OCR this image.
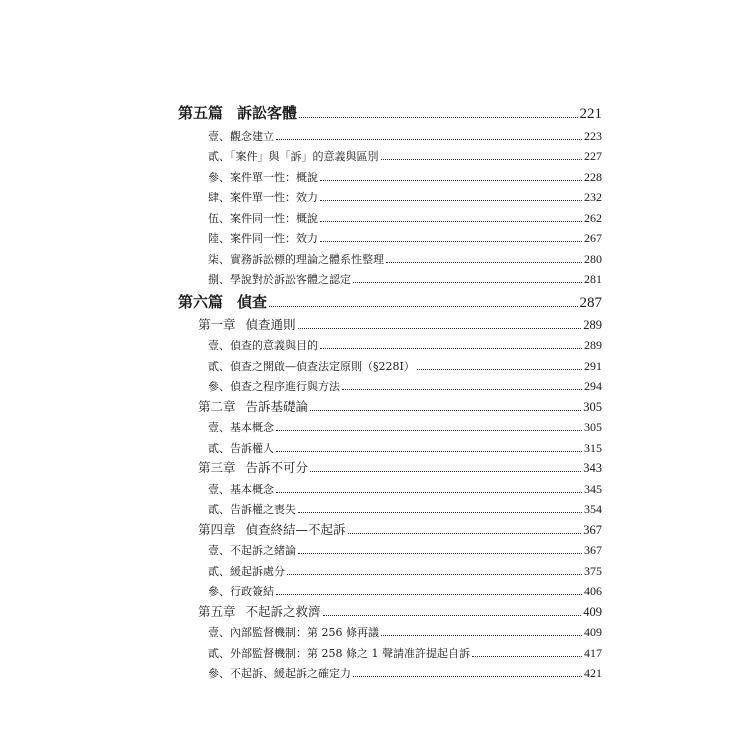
第五篇 訴訟客體	221
壹、觀念建立	223
貳、「案件」與「訴」的意義與區別	227
參、案件單一性：概說	228
肆、案件單一性：效力	232
伍、案件同一性：概說	262
陸、案件同一性：效力	267
柒、實務訴訟標的理論之體系性整理	280
捌、學說對於訴訟客體之認定	281
第六篇 偵查	287
第一章 偵查通則	289
壹、偵查的意義與目的	289
貳、偵查之開啟—偵查法定原則（§228Ⅰ）	291
參、偵查之程序進行與方法	294
第二章 告訴基礎論	305
壹、基本概念	305
貳、告訴權人	315
第三章 告訴不可分	343
壹、基本概念	345
貳、告訴權之喪失	354
第四章 偵查終結—不起訴	367
壹、不起訴之緒論	367
貳、緩起訴處分	375
參、行政簽結	406
第五章 不起訴之救濟	409
壹、內部監督機制：第 256 條再議	409
貳、外部監督機制：第 258 條之 1 聲請准許提起自訴	417
參、不起訴、緩起訴之確定力	421
